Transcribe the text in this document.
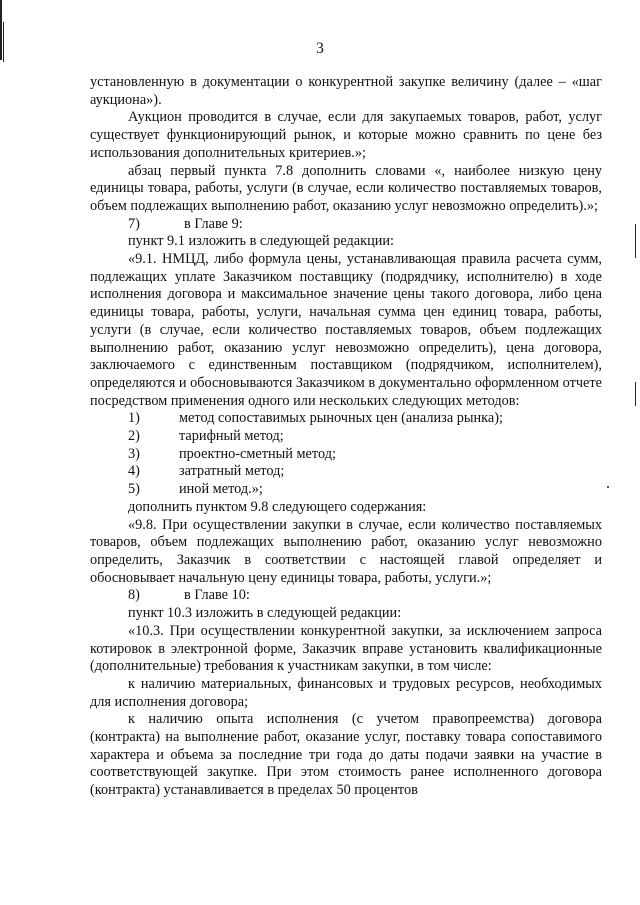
3

установленную в документации о конкурентной закупке величину (далее – «шаг аукциона»).

Аукцион проводится в случае, если для закупаемых товаров, работ, услуг существует функционирующий рынок, и которые можно сравнить по цене без использования дополнительных критериев.»;

абзац первый пункта 7.8 дополнить словами «, наиболее низкую цену единицы товара, работы, услуги (в случае, если количество поставляемых товаров, объем подлежащих выполнению работ, оказанию услуг невозможно определить).»;

7)	в Главе 9:

пункт 9.1 изложить в следующей редакции:

«9.1. НМЦД, либо формула цены, устанавливающая правила расчета сумм, подлежащих уплате Заказчиком поставщику (подрядчику, исполнителю) в ходе исполнения договора и максимальное значение цены такого договора, либо цена единицы товара, работы, услуги, начальная сумма цен единиц товара, работы, услуги (в случае, если количество поставляемых товаров, объем подлежащих выполнению работ, оказанию услуг невозможно определить), цена договора, заключаемого с единственным поставщиком (подрядчиком, исполнителем), определяются и обосновываются Заказчиком в документально оформленном отчете посредством применения одного или нескольких следующих методов:

1)	метод сопоставимых рыночных цен (анализа рынка);
2)	тарифный метод;
3)	проектно-сметный метод;
4)	затратный метод;
5)	иной метод.»;

дополнить пунктом 9.8 следующего содержания:

«9.8. При осуществлении закупки в случае, если количество поставляемых товаров, объем подлежащих выполнению работ, оказанию услуг невозможно определить, Заказчик в соответствии с настоящей главой определяет и обосновывает начальную цену единицы товара, работы, услуги.»;

8)	в Главе 10:

пункт 10.3 изложить в следующей редакции:

«10.3. При осуществлении конкурентной закупки, за исключением запроса котировок в электронной форме, Заказчик вправе установить квалификационные (дополнительные) требования к участникам закупки, в том числе:

к наличию материальных, финансовых и трудовых ресурсов, необходимых для исполнения договора;

к наличию опыта исполнения (с учетом правопреемства) договора (контракта) на выполнение работ, оказание услуг, поставку товара сопоставимого характера и объема за последние три года до даты подачи заявки на участие в соответствующей закупке. При этом стоимость ранее исполненного договора (контракта) устанавливается в пределах 50 процентов
